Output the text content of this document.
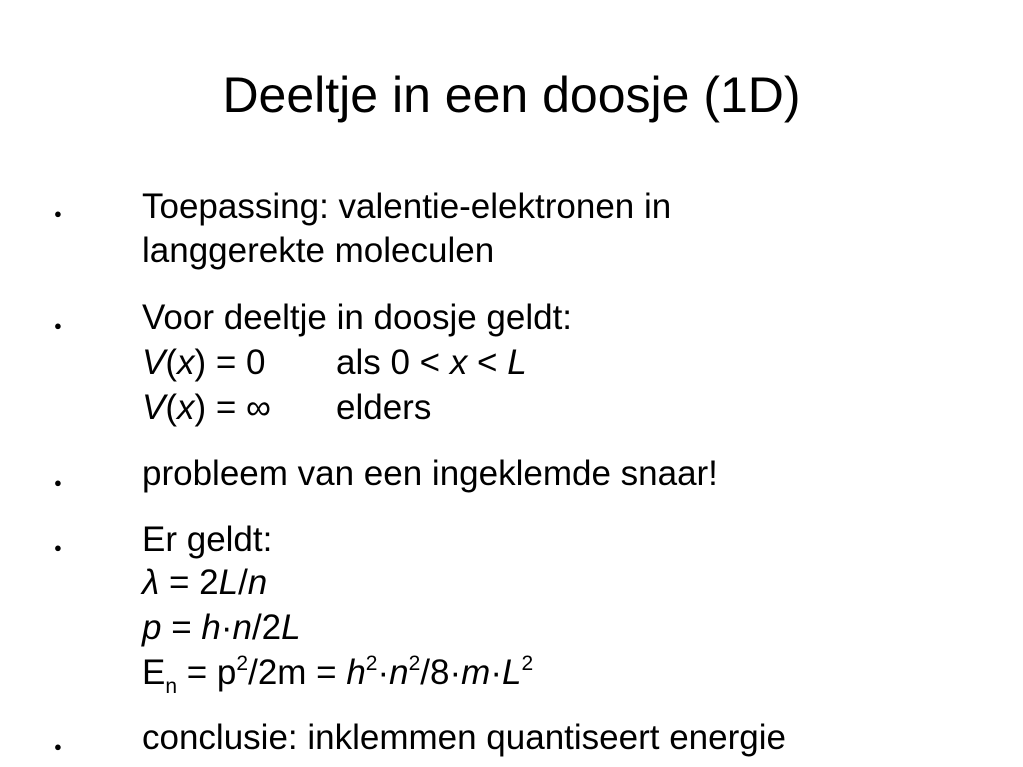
Deeltje in een doosje (1D)
● Toepassing: valentie-elektronen in
langgerekte moleculen
● Voor deeltje in doosje geldt:
V(x) = 0 als 0 < x < L
V(x) = ∞ elders
● probleem van een ingeklemde snaar!
● Er geldt:
λ = 2L/n
p = h·n/2L
$E_n = p^2/2m = h^2\cdot n^2/8\cdot m\cdot L^2$
● conclusie: inklemmen quantiseert energie
